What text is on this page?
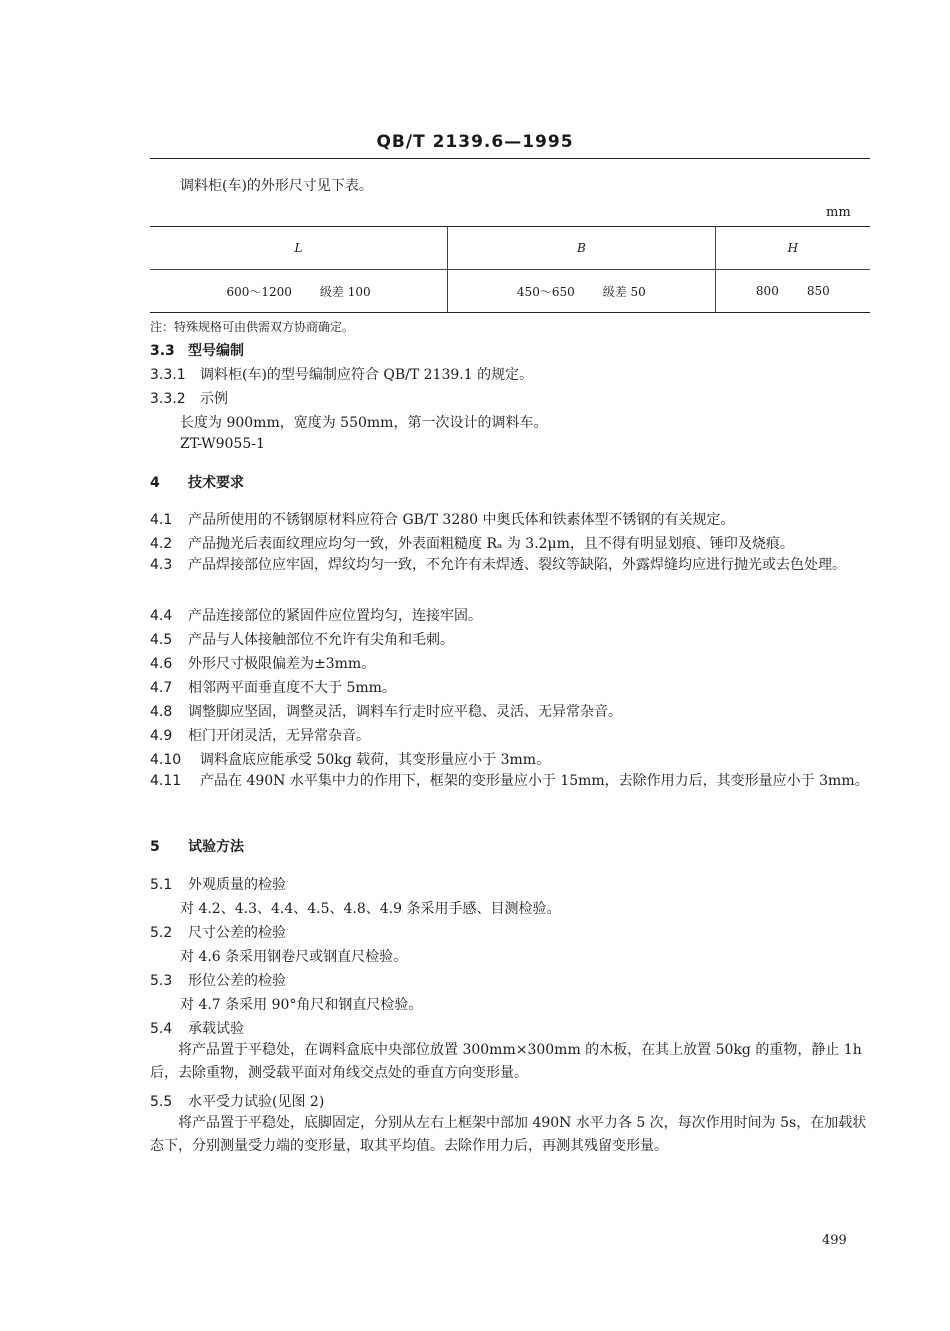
QB/T 2139.6—1995
调料柜(车)的外形尺寸见下表。
mm
L	B	H
600～1200 级差 100	450～650 级差 50	800 850
注：特殊规格可由供需双方协商确定。
3.3 型号编制
3.3.1 调料柜(车)的型号编制应符合 QB/T 2139.1 的规定。
3.3.2 示例
长度为 900mm，宽度为 550mm，第一次设计的调料车。
ZT-W9055-1
4 技术要求
4.1 产品所使用的不锈钢原材料应符合 GB/T 3280 中奥氏体和铁素体型不锈钢的有关规定。
4.2 产品抛光后表面纹理应均匀一致，外表面粗糙度 Rₐ 为 3.2μm，且不得有明显划痕、锤印及烧痕。
4.3 产品焊接部位应牢固，焊纹均匀一致，不允许有未焊透、裂纹等缺陷，外露焊缝均应进行抛光或去色处理。
4.4 产品连接部位的紧固件应位置均匀，连接牢固。
4.5 产品与人体接触部位不允许有尖角和毛刺。
4.6 外形尺寸极限偏差为±3mm。
4.7 相邻两平面垂直度不大于 5mm。
4.8 调整脚应坚固，调整灵活，调料车行走时应平稳、灵活、无异常杂音。
4.9 柜门开闭灵活，无异常杂音。
4.10 调料盒底应能承受 50kg 载荷，其变形量应小于 3mm。
4.11 产品在 490N 水平集中力的作用下，框架的变形量应小于 15mm，去除作用力后，其变形量应小于 3mm。
5 试验方法
5.1 外观质量的检验
对 4.2、4.3、4.4、4.5、4.8、4.9 条采用手感、目测检验。
5.2 尺寸公差的检验
对 4.6 条采用钢卷尺或钢直尺检验。
5.3 形位公差的检验
对 4.7 条采用 90°角尺和钢直尺检验。
5.4 承载试验
将产品置于平稳处，在调料盒底中央部位放置 300mm×300mm 的木板，在其上放置 50kg 的重物，静止 1h 后，去除重物，测受载平面对角线交点处的垂直方向变形量。
5.5 水平受力试验(见图 2)
将产品置于平稳处，底脚固定，分别从左右上框架中部加 490N 水平力各 5 次，每次作用时间为 5s，在加载状态下，分别测量受力端的变形量，取其平均值。去除作用力后，再测其残留变形量。
499
